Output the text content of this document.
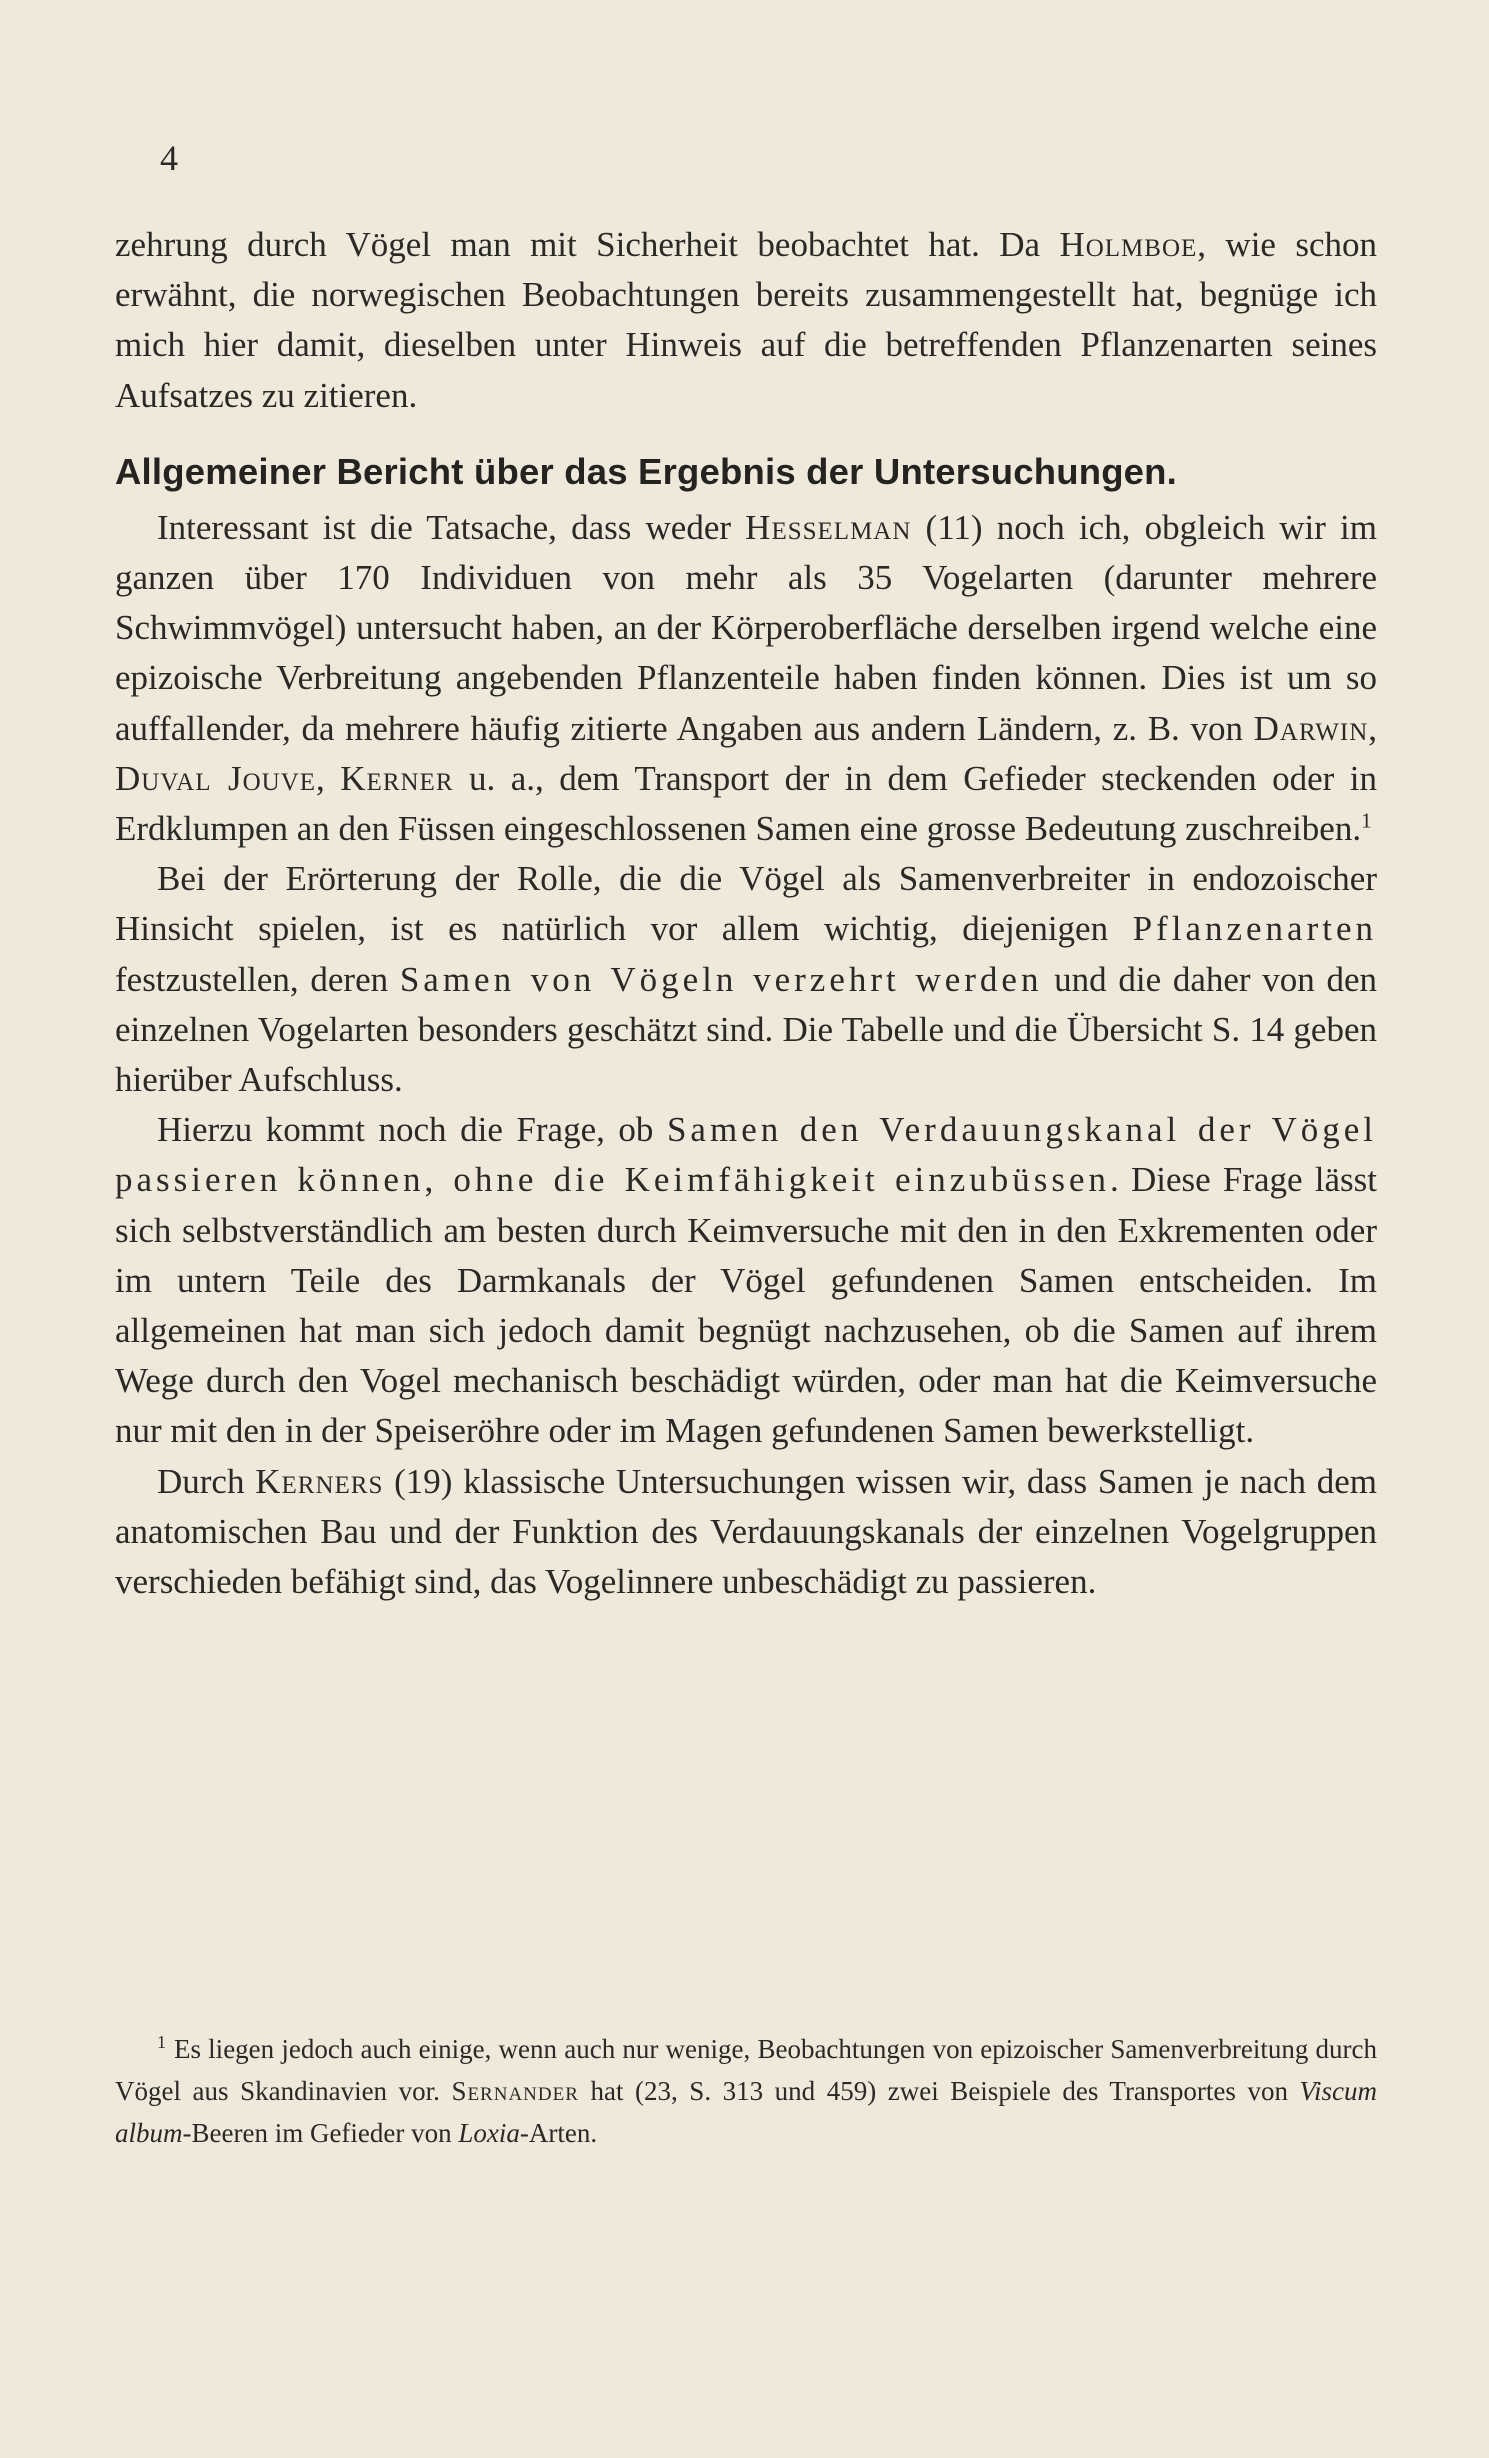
4

zehrung durch Vögel man mit Sicherheit beobachtet hat. Da Holmboe, wie schon erwähnt, die norwegischen Beobachtungen bereits zusammengestellt hat, begnüge ich mich hier damit, dieselben unter Hinweis auf die betreffenden Pflanzenarten seines Aufsatzes zu zitieren.

Allgemeiner Bericht über das Ergebnis der Untersuchungen.

Interessant ist die Tatsache, dass weder Hesselman (11) noch ich, obgleich wir im ganzen über 170 Individuen von mehr als 35 Vogelarten (darunter mehrere Schwimmvögel) untersucht haben, an der Körperoberfläche derselben irgend welche eine epizoische Verbreitung angebenden Pflanzenteile haben finden können. Dies ist um so auffallender, da mehrere häufig zitierte Angaben aus andern Ländern, z. B. von Darwin, Duval Jouve, Kerner u. a., dem Transport der in dem Gefieder steckenden oder in Erdklumpen an den Füssen eingeschlossenen Samen eine grosse Bedeutung zuschreiben.$^1$

Bei der Erörterung der Rolle, die die Vögel als Samenverbreiter in endozoischer Hinsicht spielen, ist es natürlich vor allem wichtig, diejenigen Pflanzenarten festzustellen, deren Samen von Vögeln verzehrt werden und die daher von den einzelnen Vogelarten besonders geschätzt sind. Die Tabelle und die Übersicht S. 14 geben hierüber Aufschluss.

Hierzu kommt noch die Frage, ob Samen den Verdauungskanal der Vögel passieren können, ohne die Keimfähigkeit einzubüssen. Diese Frage lässt sich selbstverständlich am besten durch Keimversuche mit den in den Exkrementen oder im untern Teile des Darmkanals der Vögel gefundenen Samen entscheiden. Im allgemeinen hat man sich jedoch damit begnügt nachzusehen, ob die Samen auf ihrem Wege durch den Vogel mechanisch beschädigt würden, oder man hat die Keimversuche nur mit den in der Speiseröhre oder im Magen gefundenen Samen bewerkstelligt.

Durch Kerners (19) klassische Untersuchungen wissen wir, dass Samen je nach dem anatomischen Bau und der Funktion des Verdauungskanals der einzelnen Vogelgruppen verschieden befähigt sind, das Vogelinnere unbeschädigt zu passieren.

$^1$ Es liegen jedoch auch einige, wenn auch nur wenige, Beobachtungen von epizoischer Samenverbreitung durch Vögel aus Skandinavien vor. Sernander hat (23, S. 313 und 459) zwei Beispiele des Transportes von Viscum album-Beeren im Gefieder von Loxia-Arten.
